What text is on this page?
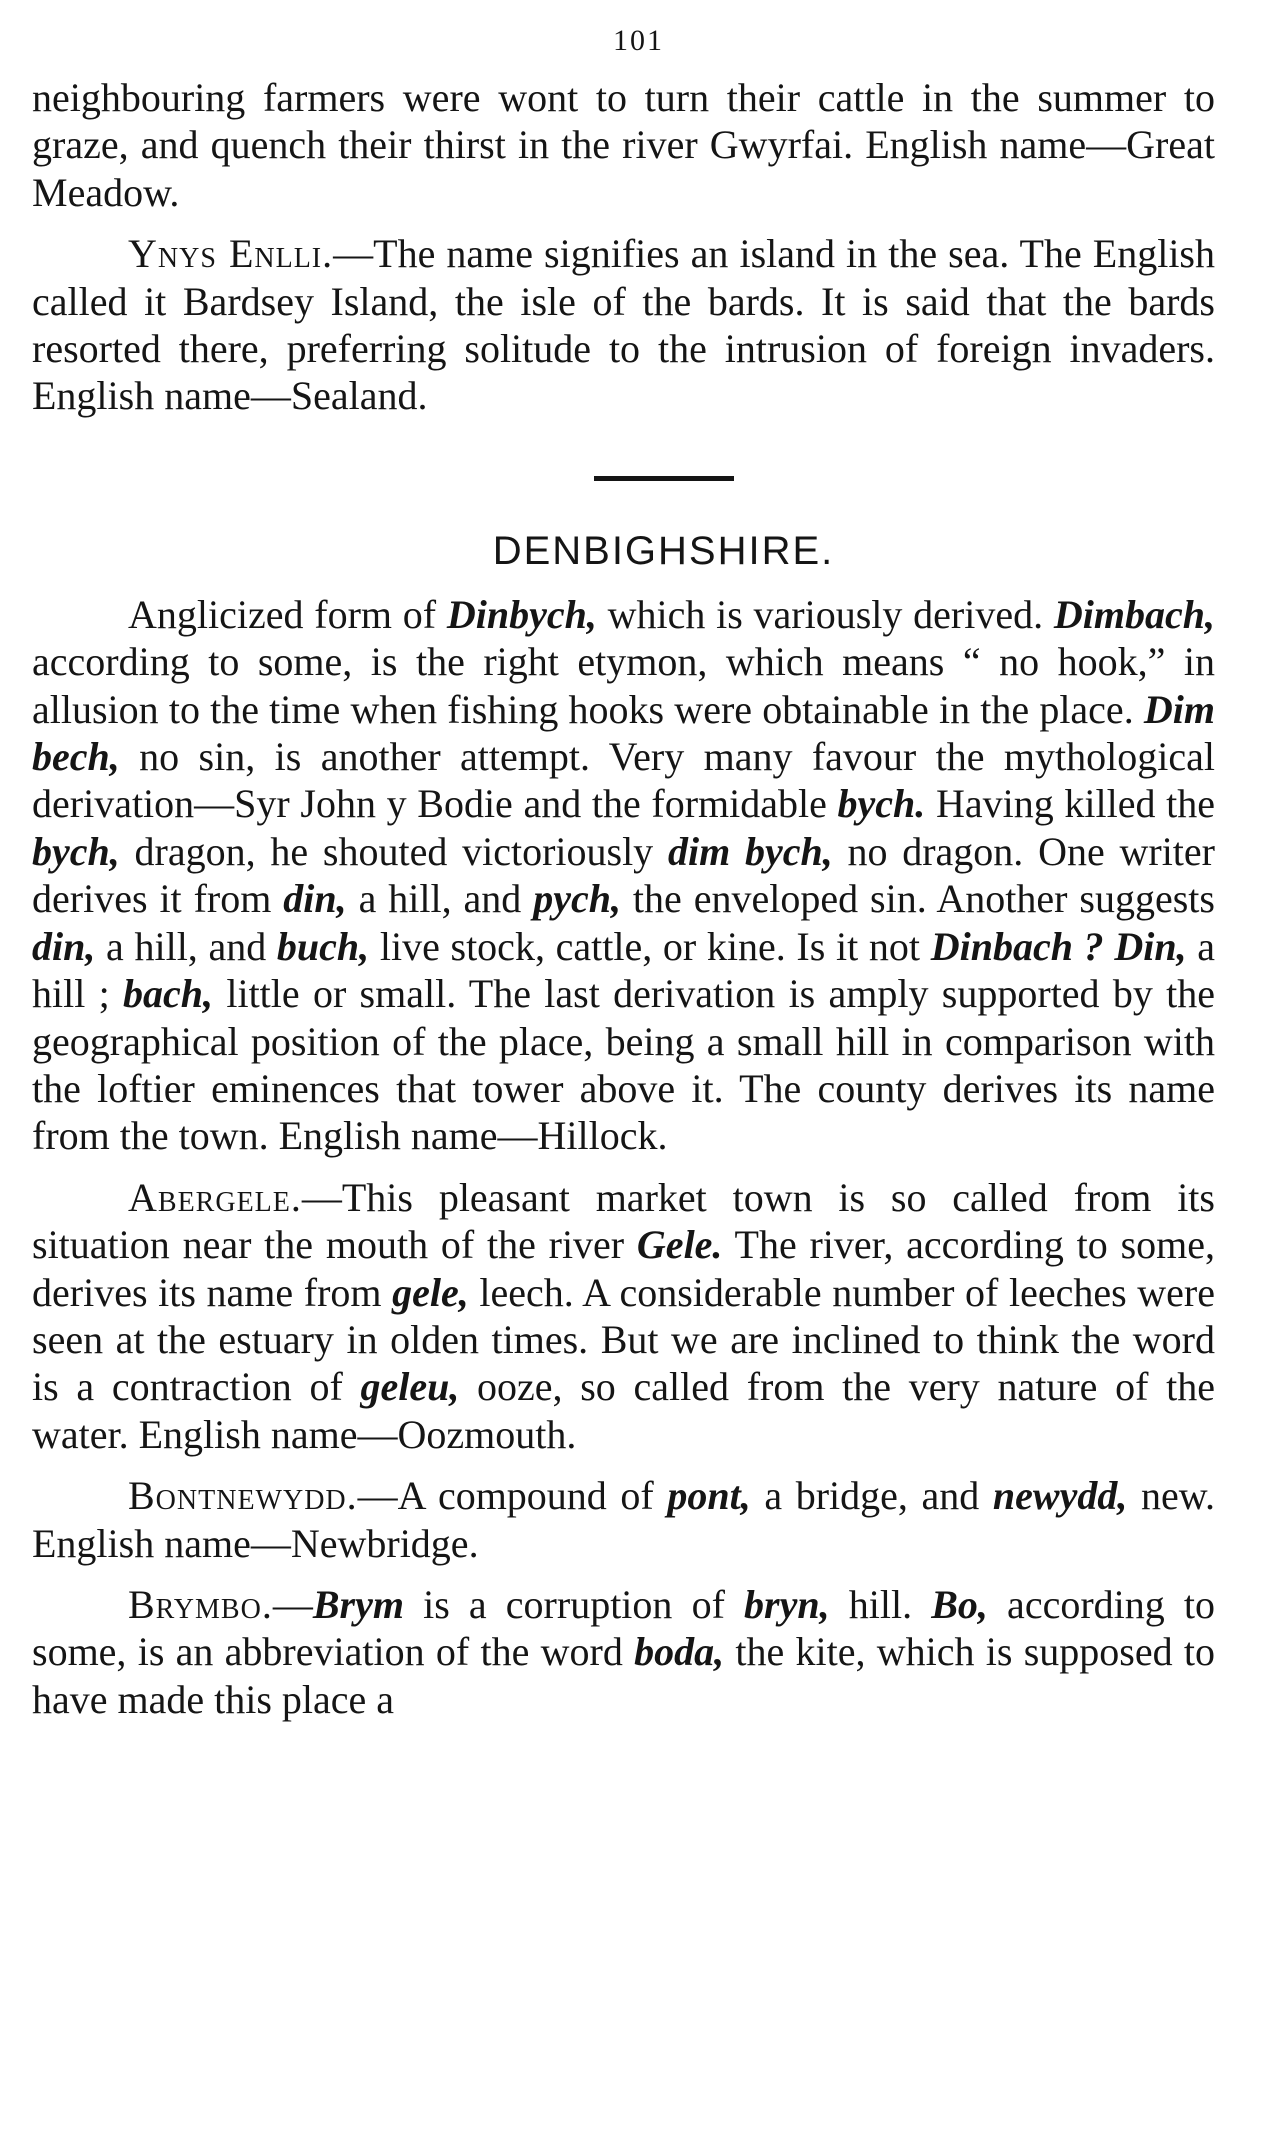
101

neighbouring farmers were wont to turn their cattle in the summer to graze, and quench their thirst in the river Gwyrfai. English name—Great Meadow.

Ynys Enlli.—The name signifies an island in the sea. The English called it Bardsey Island, the isle of the bards. It is said that the bards resorted there, preferring solitude to the intrusion of foreign invaders. English name—Sealand.

DENBIGHSHIRE.

Anglicized form of Dinbych, which is variously derived. Dimbach, according to some, is the right etymon, which means “ no hook,” in allusion to the time when fishing hooks were obtainable in the place. Dim bech, no sin, is another attempt. Very many favour the mythological derivation—Syr John y Bodie and the formidable bych. Having killed the bych, dragon, he shouted victoriously dim bych, no dragon. One writer derives it from din, a hill, and pych, the enveloped sin. Another suggests din, a hill, and buch, live stock, cattle, or kine. Is it not Dinbach ? Din, a hill ; bach, little or small. The last derivation is amply supported by the geographical position of the place, being a small hill in comparison with the loftier eminences that tower above it. The county derives its name from the town. English name—Hillock.

Abergele.—This pleasant market town is so called from its situation near the mouth of the river Gele. The river, according to some, derives its name from gele, leech. A considerable number of leeches were seen at the estuary in olden times. But we are inclined to think the word is a contraction of geleu, ooze, so called from the very nature of the water. English name—Oozmouth.

Bontnewydd.—A compound of pont, a bridge, and newydd, new. English name—Newbridge.

Brymbo.—Brym is a corruption of bryn, hill. Bo, according to some, is an abbreviation of the word boda, the kite, which is supposed to have made this place a
